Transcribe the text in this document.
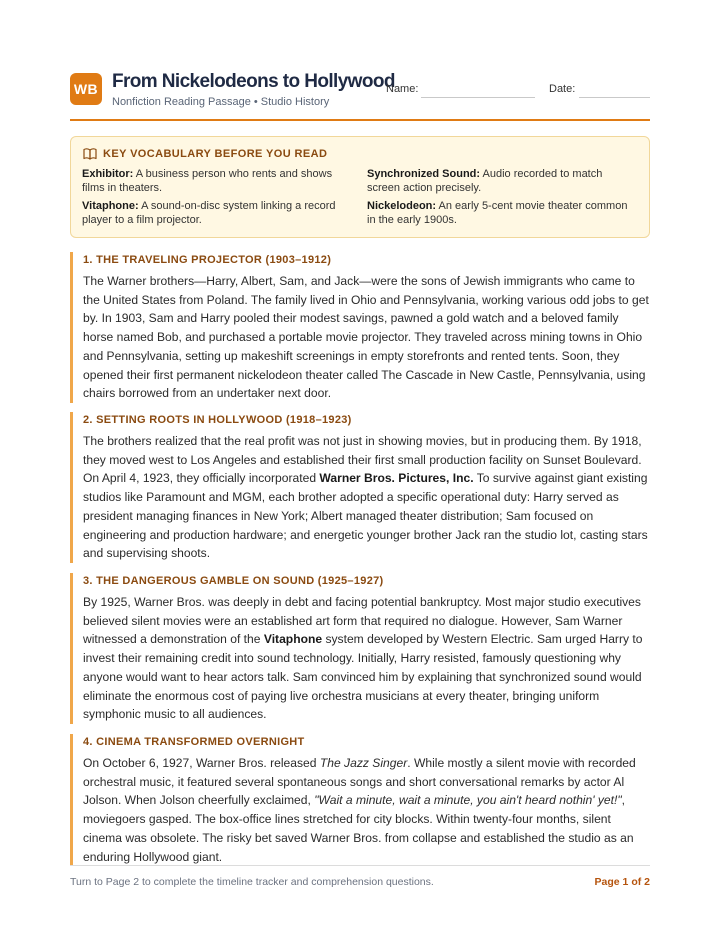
WB From Nickelodeons to Hollywood
Nonfiction Reading Passage • Studio History
Name:	Date:
KEY VOCABULARY BEFORE YOU READ
Exhibitor: A business person who rents and shows films in theaters.
Synchronized Sound: Audio recorded to match screen action precisely.
Vitaphone: A sound-on-disc system linking a record player to a film projector.
Nickelodeon: An early 5-cent movie theater common in the early 1900s.
1. THE TRAVELING PROJECTOR (1903–1912)
The Warner brothers—Harry, Albert, Sam, and Jack—were the sons of Jewish immigrants who came to the United States from Poland. The family lived in Ohio and Pennsylvania, working various odd jobs to get by. In 1903, Sam and Harry pooled their modest savings, pawned a gold watch and a beloved family horse named Bob, and purchased a portable movie projector. They traveled across mining towns in Ohio and Pennsylvania, setting up makeshift screenings in empty storefronts and rented tents. Soon, they opened their first permanent nickelodeon theater called The Cascade in New Castle, Pennsylvania, using chairs borrowed from an undertaker next door.
2. SETTING ROOTS IN HOLLYWOOD (1918–1923)
The brothers realized that the real profit was not just in showing movies, but in producing them. By 1918, they moved west to Los Angeles and established their first small production facility on Sunset Boulevard. On April 4, 1923, they officially incorporated Warner Bros. Pictures, Inc. To survive against giant existing studios like Paramount and MGM, each brother adopted a specific operational duty: Harry served as president managing finances in New York; Albert managed theater distribution; Sam focused on engineering and production hardware; and energetic younger brother Jack ran the studio lot, casting stars and supervising shoots.
3. THE DANGEROUS GAMBLE ON SOUND (1925–1927)
By 1925, Warner Bros. was deeply in debt and facing potential bankruptcy. Most major studio executives believed silent movies were an established art form that required no dialogue. However, Sam Warner witnessed a demonstration of the Vitaphone system developed by Western Electric. Sam urged Harry to invest their remaining credit into sound technology. Initially, Harry resisted, famously questioning why anyone would want to hear actors talk. Sam convinced him by explaining that synchronized sound would eliminate the enormous cost of paying live orchestra musicians at every theater, bringing uniform symphonic music to all audiences.
4. CINEMA TRANSFORMED OVERNIGHT
On October 6, 1927, Warner Bros. released The Jazz Singer. While mostly a silent movie with recorded orchestral music, it featured several spontaneous songs and short conversational remarks by actor Al Jolson. When Jolson cheerfully exclaimed, "Wait a minute, wait a minute, you ain't heard nothin' yet!", moviegoers gasped. The box-office lines stretched for city blocks. Within twenty-four months, silent cinema was obsolete. The risky bet saved Warner Bros. from collapse and established the studio as an enduring Hollywood giant.
Turn to Page 2 to complete the timeline tracker and comprehension questions.	Page 1 of 2
